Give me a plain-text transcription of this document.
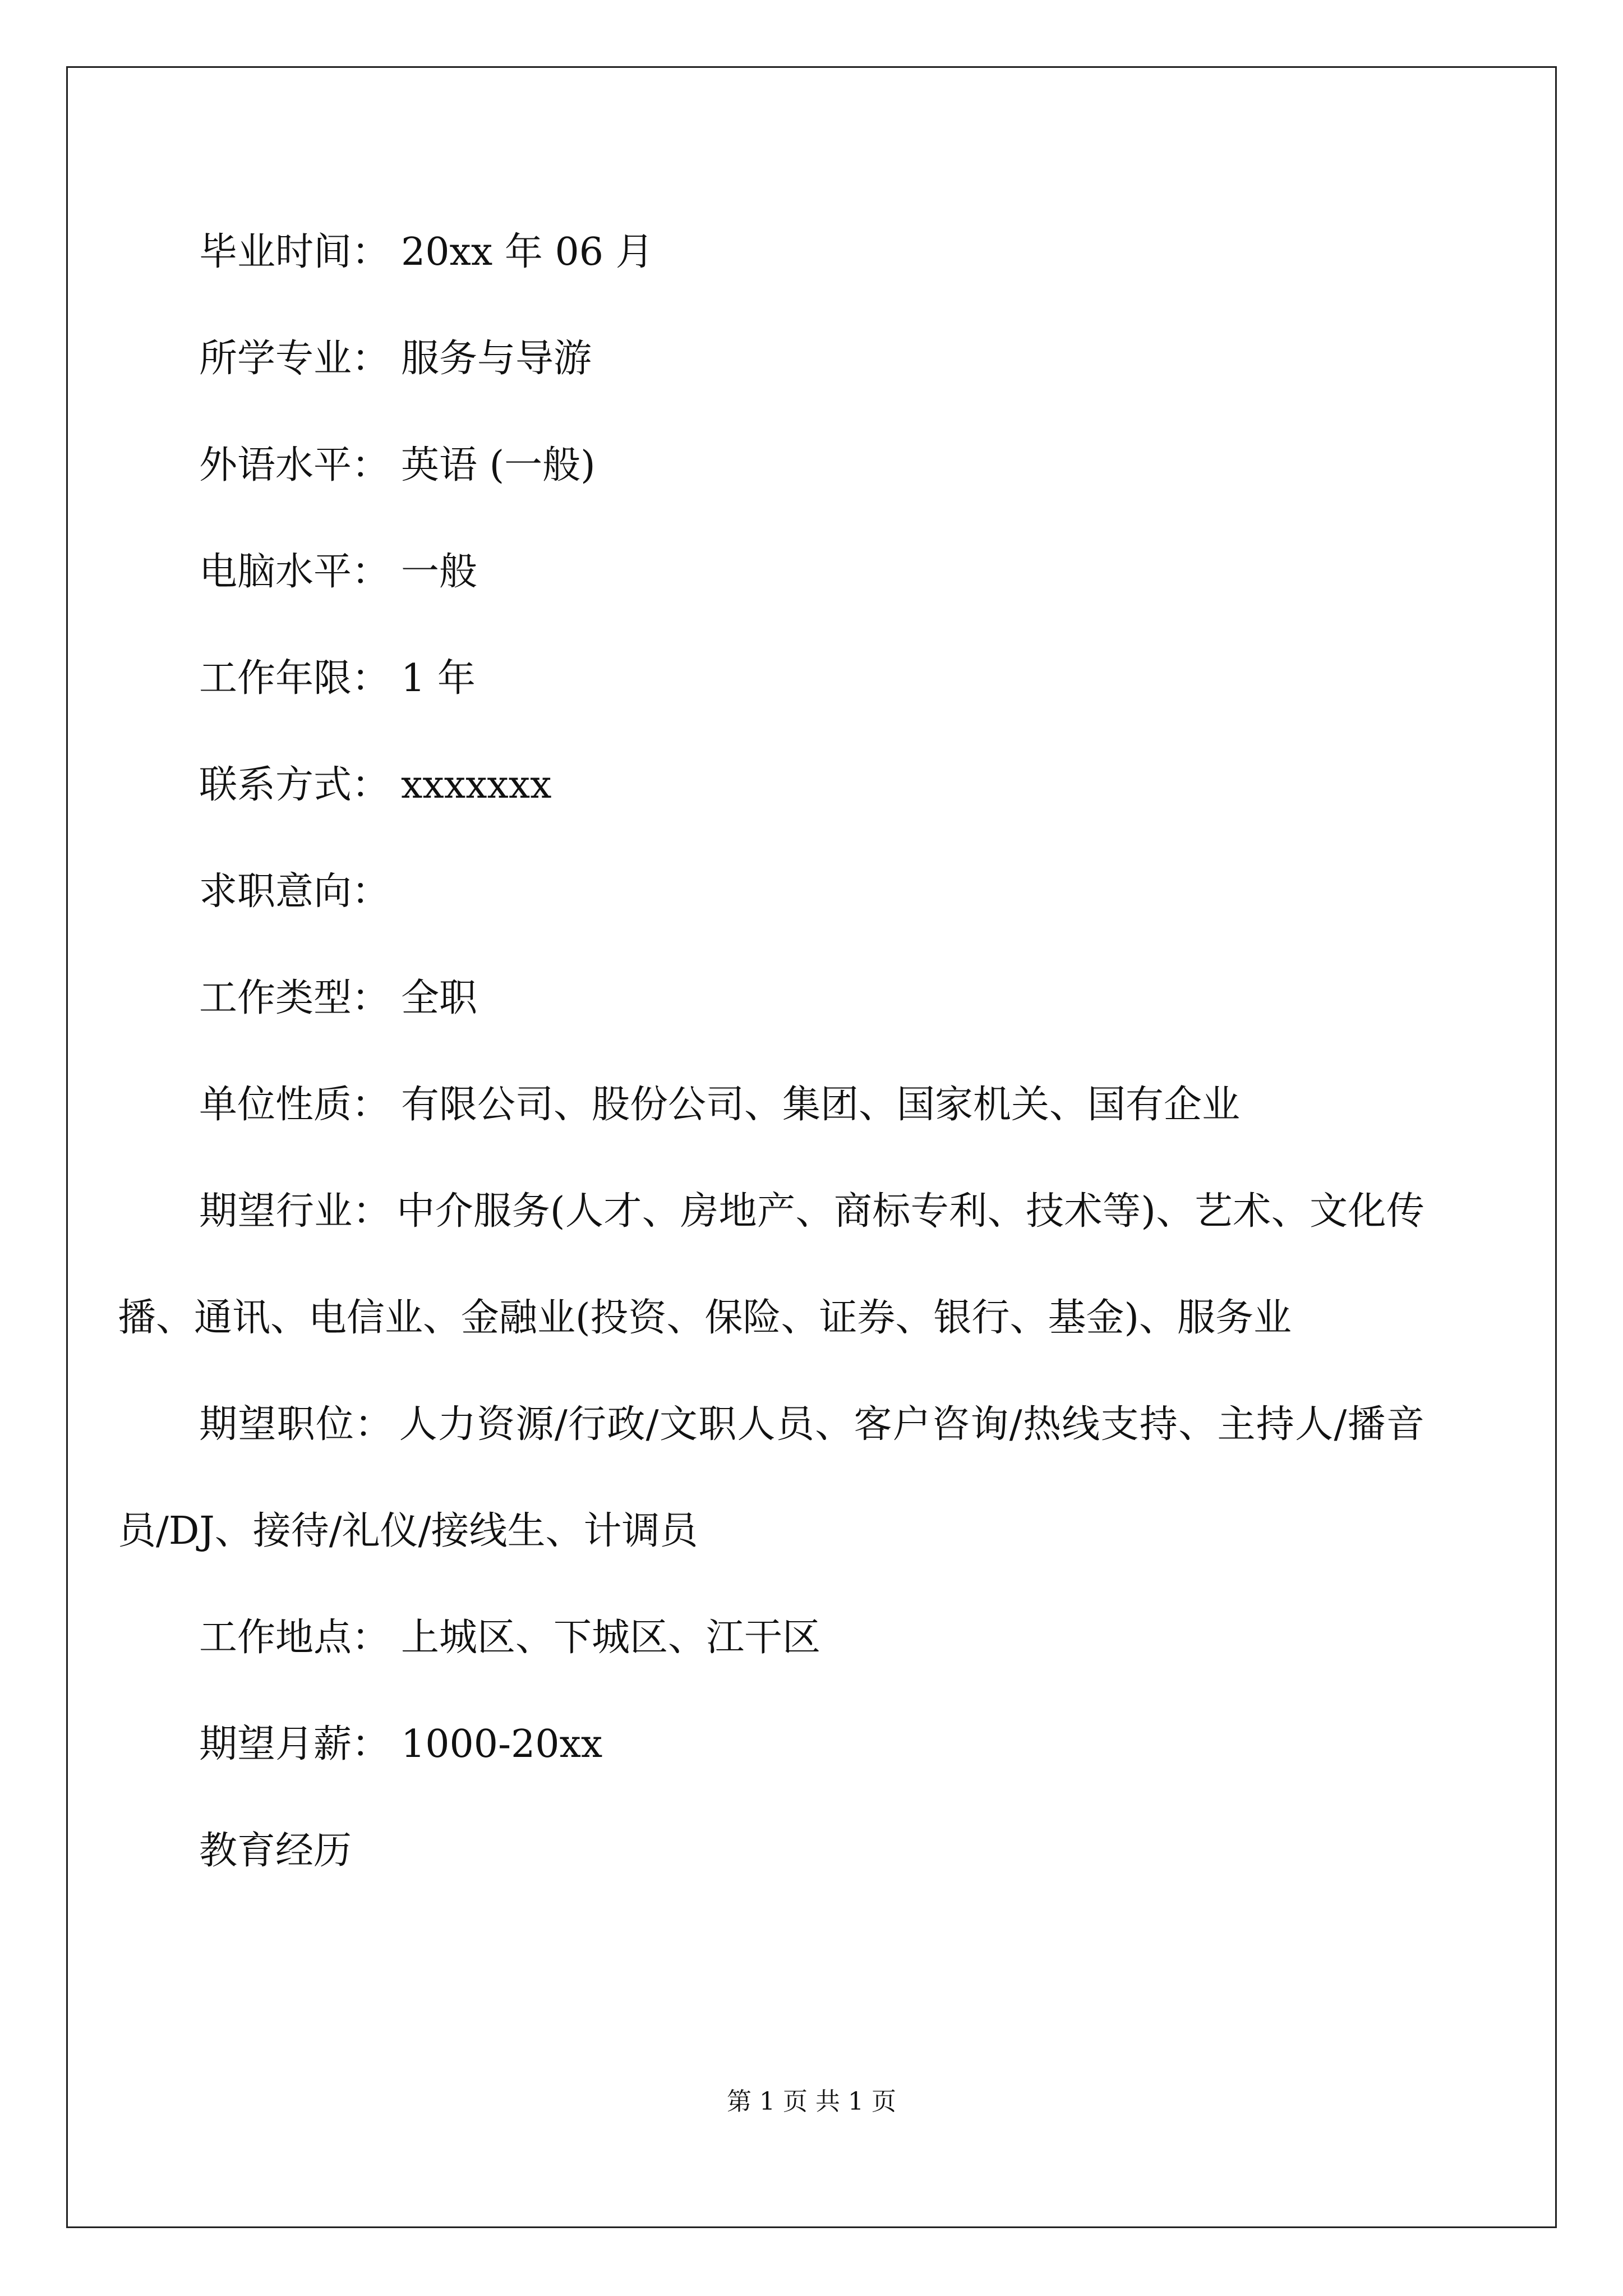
毕业时间： 20xx 年 06 月
所学专业： 服务与导游
外语水平： 英语 (一般)
电脑水平： 一般
工作年限： 1 年
联系方式： xxxxxxx
求职意向：
工作类型： 全职
单位性质： 有限公司、股份公司、集团、国家机关、国有企业
期望行业： 中介服务(人才、房地产、商标专利、技术等)、艺术、文化传播、通讯、电信业、金融业(投资、保险、证券、银行、基金)、服务业
期望职位： 人力资源/行政/文职人员、客户咨询/热线支持、主持人/播音员/DJ、接待/礼仪/接线生、计调员
工作地点： 上城区、下城区、江干区
期望月薪： 1000-20xx
教育经历
第 1 页 共 1 页
